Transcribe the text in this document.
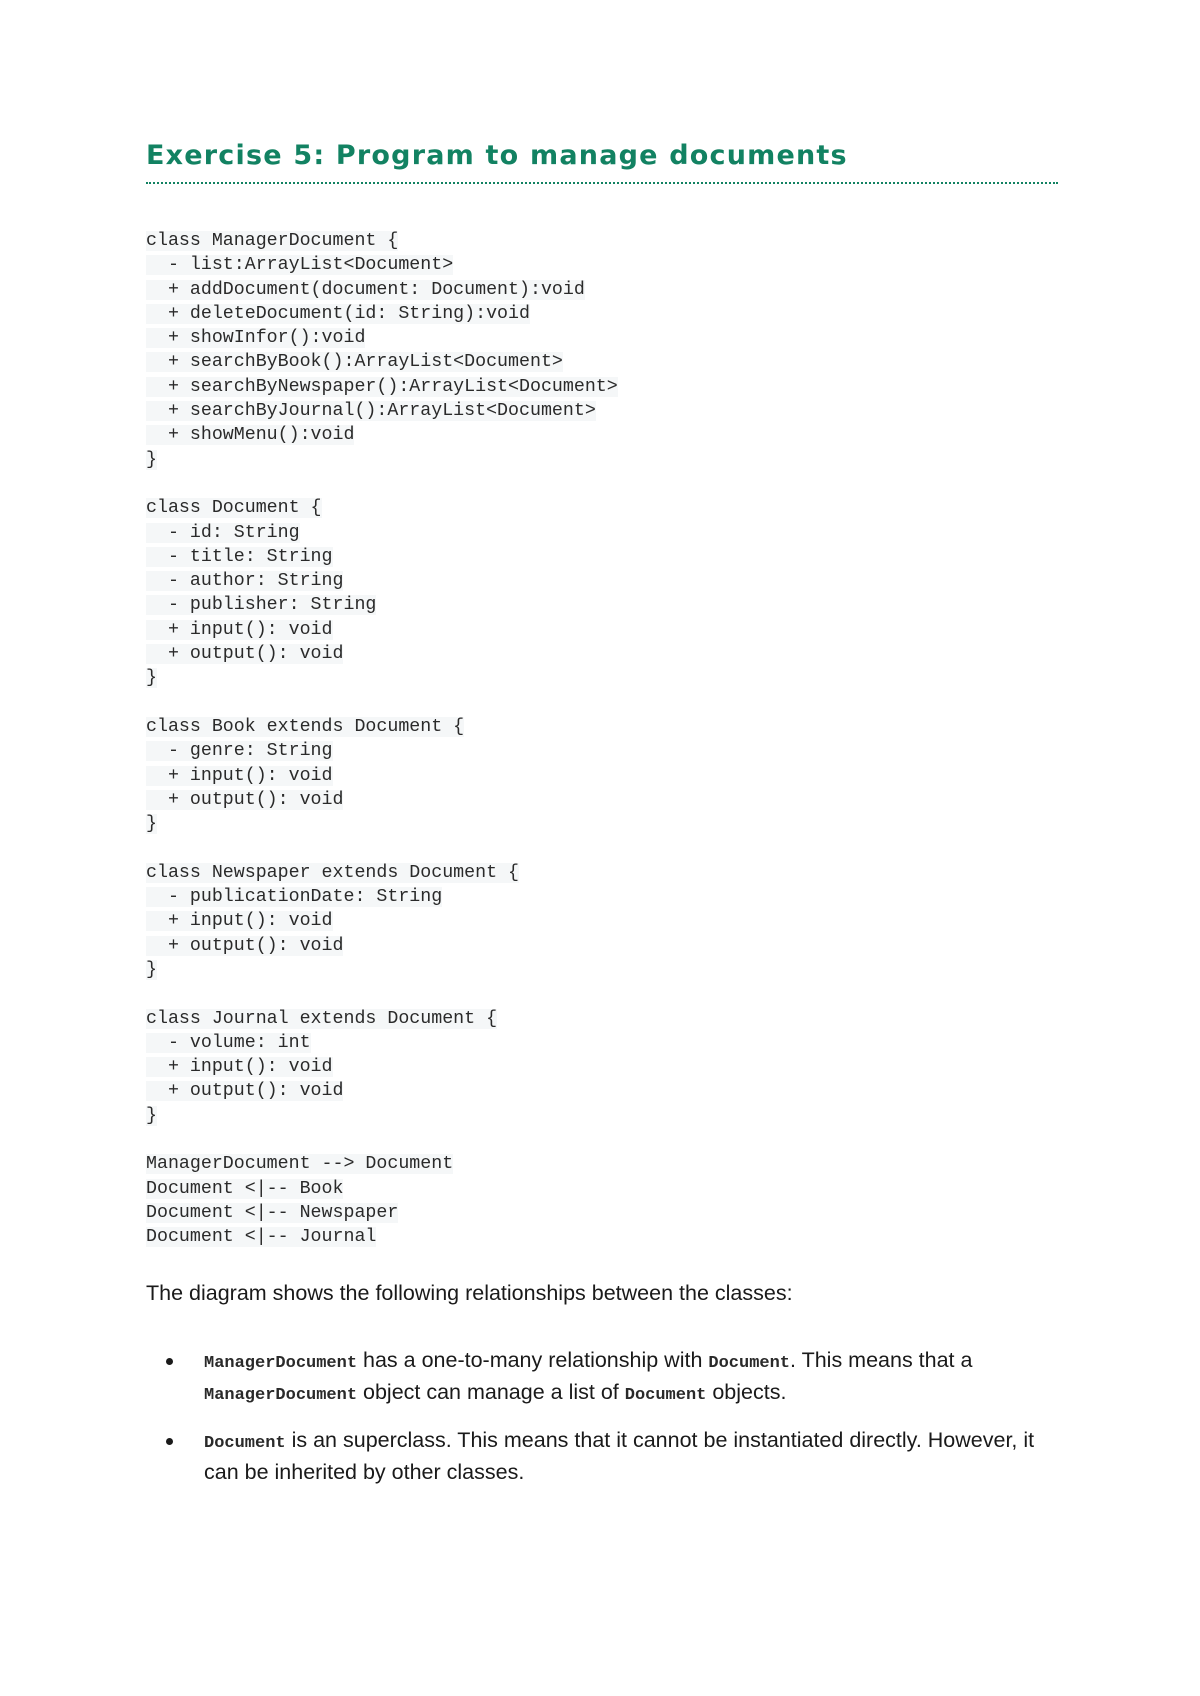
Exercise 5: Program to manage documents
class ManagerDocument {
- list:ArrayList<Document>
+ addDocument(document: Document):void
+ deleteDocument(id: String):void
+ showInfor():void
+ searchByBook():ArrayList<Document>
+ searchByNewspaper():ArrayList<Document>
+ searchByJournal():ArrayList<Document>
+ showMenu():void
}
class Document {
- id: String
- title: String
- author: String
- publisher: String
+ input(): void
+ output(): void
}
class Book extends Document {
- genre: String
+ input(): void
+ output(): void
}
class Newspaper extends Document {
- publicationDate: String
+ input(): void
+ output(): void
}
class Journal extends Document {
- volume: int
+ input(): void
+ output(): void
}
ManagerDocument --> Document
Document <|-- Book
Document <|-- Newspaper
Document <|-- Journal

The diagram shows the following relationships between the classes:

ManagerDocument has a one-to-many relationship with Document. This means that a ManagerDocument object can manage a list of Document objects.
Document is an superclass. This means that it cannot be instantiated directly. However, it can be inherited by other classes.
